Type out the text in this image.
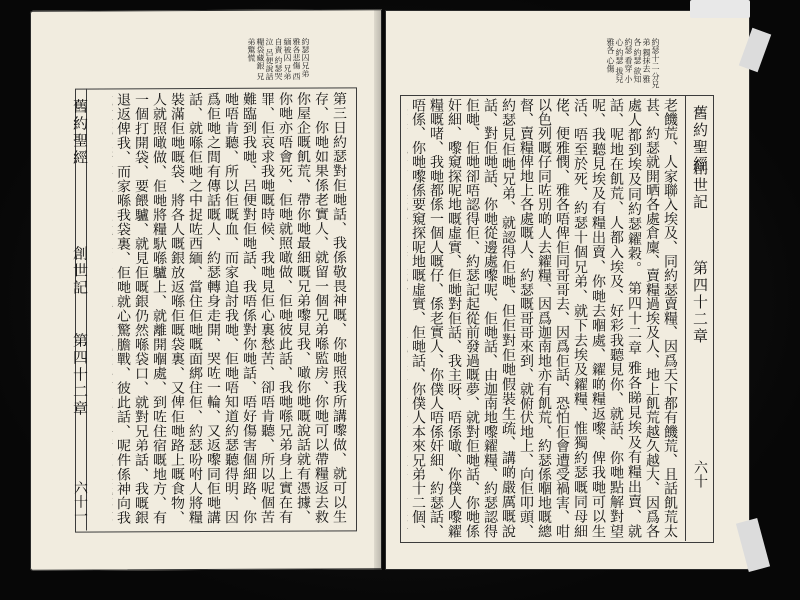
舊約聖經
創世記
第四十二章
六十一	第三日約瑟對佢哋話、我係敬畏神嘅、你哋照我所講嚟做、就可以生存、你哋如果係老實人、就留一個兄弟喺監房、你哋可以帶糧返去救你屋企嘅飢荒、帶你哋最細嘅兄弟嚟見我、噉你哋嘅說話就有憑據、你哋亦唔會死、佢哋就照噉做、佢哋彼此話、我哋喺兄弟身上實在有罪、佢哀求我哋嘅時候、我哋見佢心裏愁苦、卻唔肯聽、所以呢個苦難臨到我哋、呂便對佢哋話、我唔係對你哋話、唔好傷害個細路、你哋唔肯聽、所以佢嘅血、而家追討我哋、佢哋唔知道約瑟聽得明、因爲佢哋之間有傳話嘅人、約瑟轉身走開、哭咗一輪、又返嚟同佢哋講話、就喺佢哋之中捉咗西緬、當住佢哋嘅面綁住佢、約瑟吩咐人將糧裝滿佢哋嘅袋、將各人嘅銀放返喺佢嘅袋裏、又俾佢哋路上嘅食物、人就照噉做、佢哋將糧馱喺驢上、就離開嗰處、到咗住宿嘅地方、有一個打開袋、要餵驢、就見佢嘅銀仍然喺袋口、就對兄弟話、我嘅銀退返俾我、而家喺我袋裏、佢哋就心驚膽戰、彼此話、呢件係神向我哋做嘅乜嘢事呢、佢哋返到迦南地、父親雅各嗰處、將所遭遇嘅事都話俾佢聽、
約瑟囚兄弟 雅各悲傷 西緬被囚 兄弟自責 約瑟哭泣 呂便說話 糧袋藏銀 兄弟驚慌
舊約聖經
創世記
第四十二章
六十
老饑荒、人家聯入埃及、同約瑟賣糧、因爲天下都有饑荒、且話飢荒太甚、約瑟就開晒各處倉廩、賣糧過埃及人、地上飢荒越久越大、因爲各處人都到埃及同約瑟糴穀。 第四十二章 雅各睇見埃及有糧出賣、就話、呢地在飢荒、人都入埃及、好彩我聽見你、就話、你哋點解對望呢、我聽見埃及有糧出賣、你哋去嗰處、糴啲糧返嚟、俾我哋可以生活、唔至於死、約瑟十個兄弟、就下去埃及糴糧、惟獨約瑟嘅同母細佬、便雅憫、雅各唔俾佢同哥哥去、因爲佢話、恐怕佢會遭受禍害、咁以色列嘅仔同咗別啲人去糴糧、因爲迦南地亦有飢荒、約瑟係嗰地嘅總督、賣糧俾地上各處嘅人、約瑟嘅哥哥來到、就俯伏地上、向佢叩頭、約瑟見佢哋兄弟、就認得佢哋、但佢對佢哋假裝生疏、講啲嚴厲嘅說話、對佢哋話、你哋從邊處嚟呢、佢哋話、由迦南地嚟糴糧、約瑟認得佢哋、佢哋卻唔認得佢、約瑟記起從前發過嘅夢、就對佢哋話、你哋係奸細、嚟窺探呢地嘅虛實、佢哋對佢話、我主呀、唔係噉、你僕人嚟糴糧嘅啫、我哋都係一個人嘅仔、係老實人、你僕人唔係奸細、約瑟話、唔係、你哋嚟係要窺探呢地嘅虛實、佢哋話、你僕人本來兄弟十二個、
約瑟十二 分兄弟 獨抹去 雅各 約瑟 欲知 約瑟 看穿 小心 約瑟 拔兒 雅各 心傷
